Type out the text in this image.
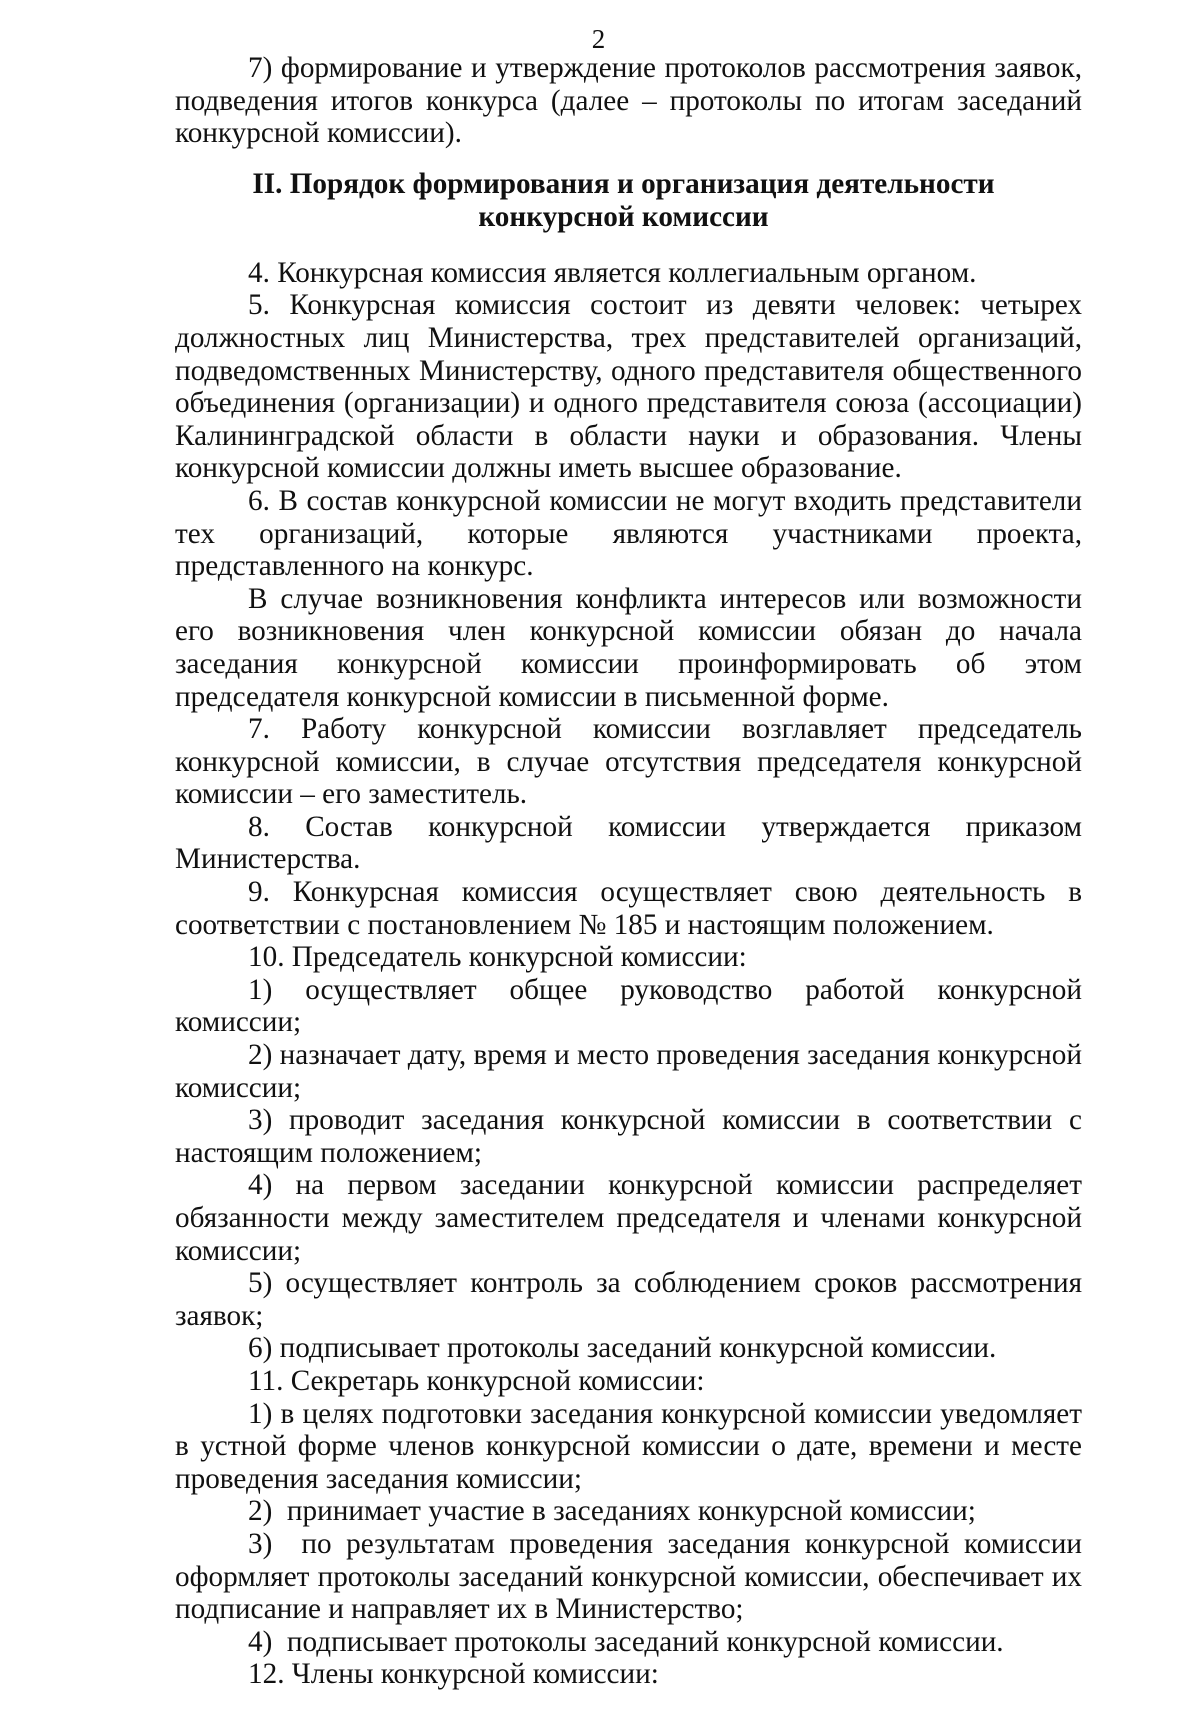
2

7) формирование и утверждение протоколов рассмотрения заявок, подведения итогов конкурса (далее – протоколы по итогам заседаний конкурсной комиссии).

II. Порядок формирования и организация деятельности
конкурсной комиссии

4. Конкурсная комиссия является коллегиальным органом.

5. Конкурсная комиссия состоит из девяти человек: четырех должностных лиц Министерства, трех представителей организаций, подведомственных Министерству, одного представителя общественного объединения (организации) и одного представителя союза (ассоциации) Калининградской области в области науки и образования. Члены конкурсной комиссии должны иметь высшее образование.

6. В состав конкурсной комиссии не могут входить представители тех организаций, которые являются участниками проекта, представленного на конкурс.

В случае возникновения конфликта интересов или возможности его возникновения член конкурсной комиссии обязан до начала заседания конкурсной комиссии проинформировать об этом председателя конкурсной комиссии в письменной форме.

7. Работу конкурсной комиссии возглавляет председатель конкурсной комиссии, в случае отсутствия председателя конкурсной комиссии – его заместитель.

8. Состав конкурсной комиссии утверждается приказом Министерства.

9. Конкурсная комиссия осуществляет свою деятельность в соответствии с постановлением № 185 и настоящим положением.

10. Председатель конкурсной комиссии:

1) осуществляет общее руководство работой конкурсной комиссии;

2) назначает дату, время и место проведения заседания конкурсной комиссии;

3) проводит заседания конкурсной комиссии в соответствии с настоящим положением;

4) на первом заседании конкурсной комиссии распределяет обязанности между заместителем председателя и членами конкурсной комиссии;

5) осуществляет контроль за соблюдением сроков рассмотрения заявок;

6) подписывает протоколы заседаний конкурсной комиссии.

11. Секретарь конкурсной комиссии:

1) в целях подготовки заседания конкурсной комиссии уведомляет в устной форме членов конкурсной комиссии о дате, времени и месте проведения заседания комиссии;

2)  принимает участие в заседаниях конкурсной комиссии;

3)  по результатам проведения заседания конкурсной комиссии оформляет протоколы заседаний конкурсной комиссии, обеспечивает их подписание и направляет их в Министерство;

4)  подписывает протоколы заседаний конкурсной комиссии.

12. Члены конкурсной комиссии:
